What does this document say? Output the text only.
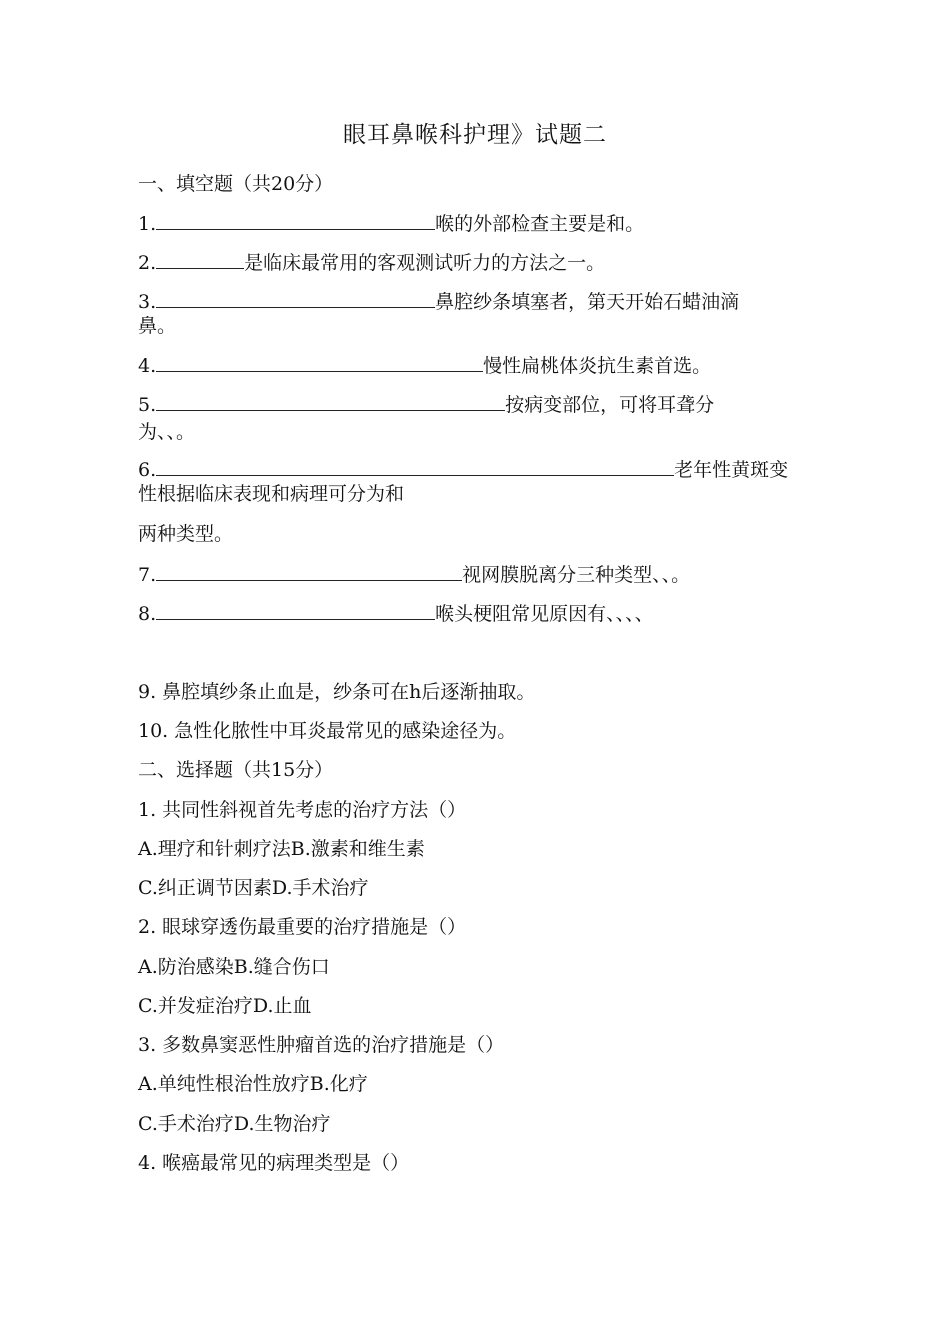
眼耳鼻喉科护理》试题二
一、填空题（共20分）
1.	喉的外部检查主要是和。
2.	是临床最常用的客观测试听力的方法之一。
3.	鼻腔纱条填塞者，第天开始石蜡油滴
鼻。
4.	慢性扁桃体炎抗生素首选。
5.	按病变部位，可将耳聋分
为、、。
6.	老年性黄斑变
性根据临床表现和病理可分为和
两种类型。
7.	视网膜脱离分三种类型、、。
8.	喉头梗阻常见原因有、、、、
9. 鼻腔填纱条止血是，纱条可在h后逐渐抽取。
10. 急性化脓性中耳炎最常见的感染途径为。
二、选择题（共15分）
1. 共同性斜视首先考虑的治疗方法（）
A.理疗和针刺疗法B.激素和维生素
C.纠正调节因素D.手术治疗
2. 眼球穿透伤最重要的治疗措施是（）
A.防治感染B.缝合伤口
C.并发症治疗D.止血
3. 多数鼻窦恶性肿瘤首选的治疗措施是（）
A.单纯性根治性放疗B.化疗
C.手术治疗D.生物治疗
4. 喉癌最常见的病理类型是（）
